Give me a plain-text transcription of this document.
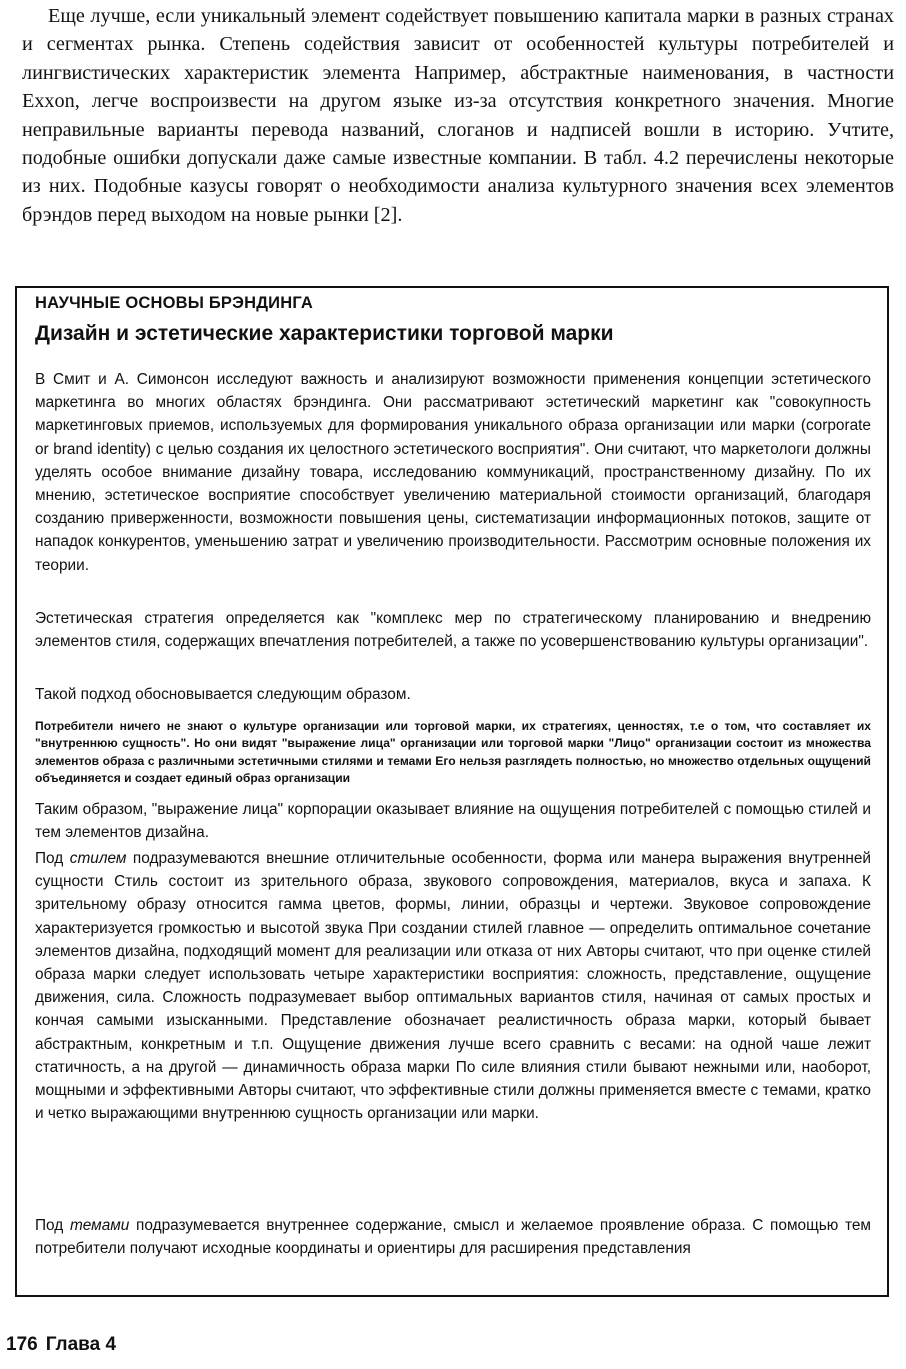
Еще лучше, если уникальный элемент содействует повышению капитала марки в разных странах и сегментах рынка. Степень содействия зависит от особенностей культуры потребителей и лингвистических характеристик элемента Например, абстрактные наименования, в частности Exxon, легче воспроизвести на другом языке из-за отсутствия конкретного значения. Многие неправильные варианты перевода названий, слоганов и надписей вошли в историю. Учтите, подобные ошибки допускали даже самые известные компании. В табл. 4.2 перечислены некоторые из них. Подобные казусы говорят о необходимости анализа культурного значения всех элементов брэндов перед выходом на новые рынки [2].

НАУЧНЫЕ ОСНОВЫ БРЭНДИНГА

Дизайн и эстетические характеристики торговой марки

В Смит и А. Симонсон исследуют важность и анализируют возможности применения концепции эстетического маркетинга во многих областях брэндинга. Они рассматривают эстетический маркетинг как "совокупность маркетинговых приемов, используемых для формирования уникального образа организации или марки (corporate or brand identity) с целью создания их целостного эстетического восприятия". Они считают, что маркетологи должны уделять особое внимание дизайну товара, исследованию коммуникаций, пространственному дизайну. По их мнению, эстетическое восприятие способствует увеличению материальной стоимости организаций, благодаря созданию приверженности, возможности повышения цены, систематизации информационных потоков, защите от нападок конкурентов, уменьшению затрат и увеличению производительности. Рассмотрим основные положения их теории.

Эстетическая стратегия определяется как "комплекс мер по стратегическому планированию и внедрению элементов стиля, содержащих впечатления потребителей, а также по усовершенствованию культуры организации".

Такой подход обосновывается следующим образом.

Потребители ничего не знают о культуре организации или торговой марки, их стратегиях, ценностях, т.е о том, что составляет их "внутреннюю сущность". Но они видят "выражение лица" организации или торговой марки "Лицо" организации состоит из множества элементов образа с различными эстетичными стилями и темами Его нельзя разглядеть полностью, но множество отдельных ощущений объединяется и создает единый образ организации

Таким образом, "выражение лица" корпорации оказывает влияние на ощущения потребителей с помощью стилей и тем элементов дизайна.

Под стилем подразумеваются внешние отличительные особенности, форма или манера выражения внутренней сущности Стиль состоит из зрительного образа, звукового сопровождения, материалов, вкуса и запаха. К зрительному образу относится гамма цветов, формы, линии, образцы и чертежи. Звуковое сопровождение характеризуется громкостью и высотой звука При создании стилей главное — определить оптимальное сочетание элементов дизайна, подходящий момент для реализации или отказа от них Авторы считают, что при оценке стилей образа марки следует использовать четыре характеристики восприятия: сложность, представление, ощущение движения, сила. Сложность подразумевает выбор оптимальных вариантов стиля, начиная от самых простых и кончая самыми изысканными. Представление обозначает реалистичность образа марки, который бывает абстрактным, конкретным и т.п. Ощущение движения лучше всего сравнить с весами: на одной чаше лежит статичность, а на другой — динамичность образа марки По силе влияния стили бывают нежными или, наоборот, мощными и эффективными Авторы считают, что эффективные стили должны применяется вместе с темами, кратко и четко выражающими внутреннюю сущность организации или марки.

Под темами подразумевается внутреннее содержание, смысл и желаемое проявление образа. С помощью тем потребители получают исходные координаты и ориентиры для расширения представления

176 Глава 4
